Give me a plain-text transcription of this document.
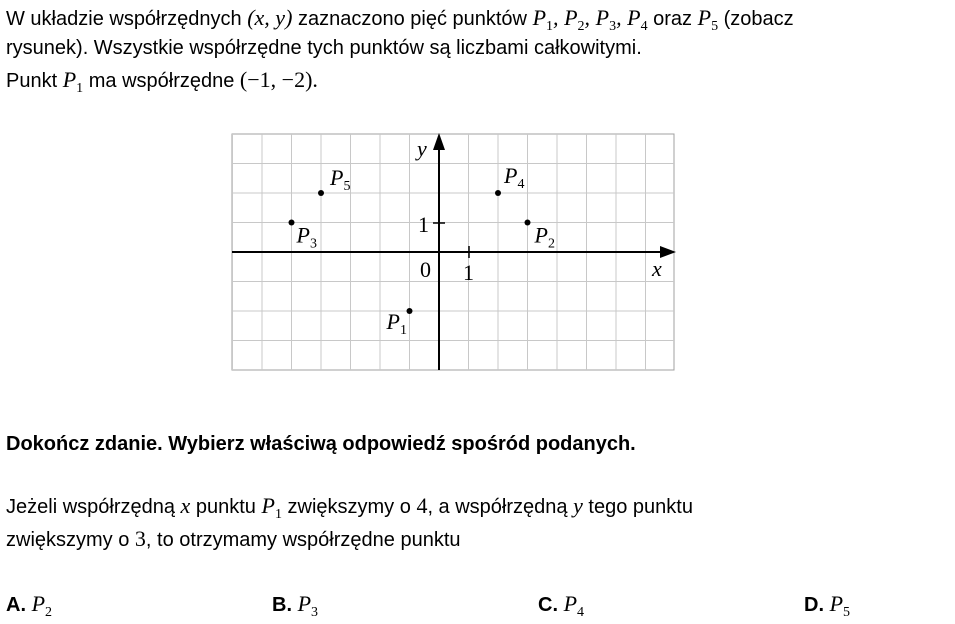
W układzie współrzędnych (x, y) zaznaczono pięć punktów $P_1$, $P_2$, $P_3$, $P_4$ oraz $P_5$ (zobacz
rysunek). Wszystkie współrzędne tych punktów są liczbami całkowitymi.
Punkt $P_1$ ma współrzędne (−1, −2).
x
y
0 1
1
$P_1$
$P_2$
$P_3$
$P_4$
$P_5$
Dokończ zdanie. Wybierz właściwą odpowiedź spośród podanych.
Jeżeli współrzędną x punktu $P_1$ zwiększymy o 4, a współrzędną y tego punktu
zwiększymy o 3, to otrzymamy współrzędne punktu
A. $P_2$	B. $P_3$	C. $P_4$	D. $P_5$
